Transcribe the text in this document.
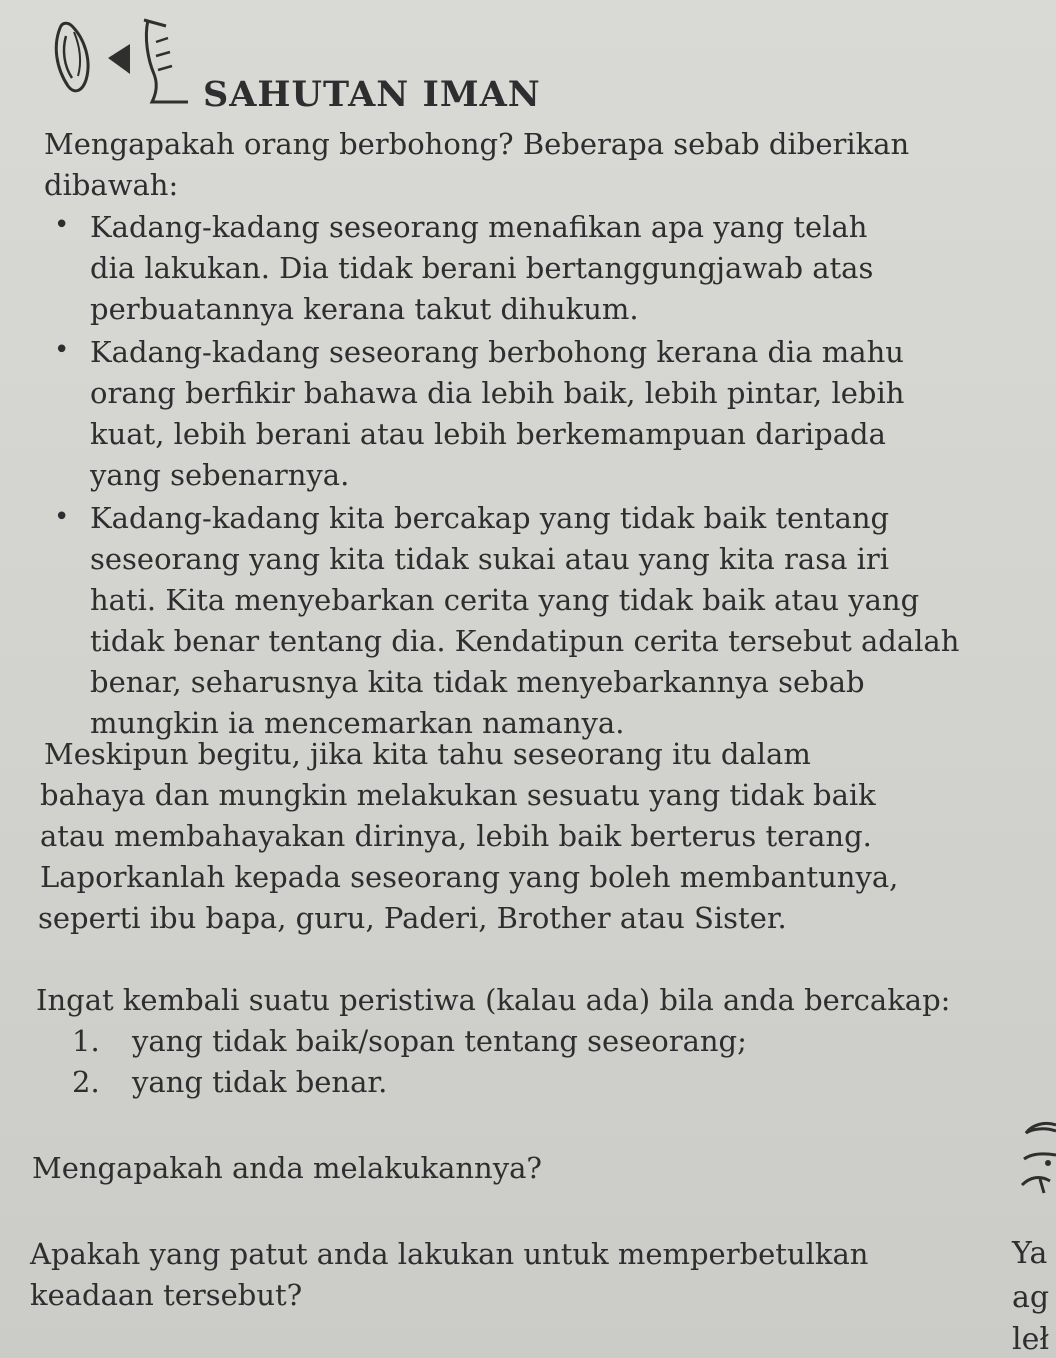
SAHUTAN IMAN
Mengapakah orang berbohong? Beberapa sebab diberikan
dibawah:
• Kadang-kadang seseorang menafikan apa yang telah
dia lakukan. Dia tidak berani bertanggungjawab atas
perbuatannya kerana takut dihukum.
• Kadang-kadang seseorang berbohong kerana dia mahu
orang berfikir bahawa dia lebih baik, lebih pintar, lebih
kuat, lebih berani atau lebih berkemampuan daripada
yang sebenarnya.
• Kadang-kadang kita bercakap yang tidak baik tentang
seseorang yang kita tidak sukai atau yang kita rasa iri
hati. Kita menyebarkan cerita yang tidak baik atau yang
tidak benar tentang dia. Kendatipun cerita tersebut adalah
benar, seharusnya kita tidak menyebarkannya sebab
mungkin ia mencemarkan namanya.
Meskipun begitu, jika kita tahu seseorang itu dalam
bahaya dan mungkin melakukan sesuatu yang tidak baik
atau membahayakan dirinya, lebih baik berterus terang.
Laporkanlah kepada seseorang yang boleh membantunya,
seperti ibu bapa, guru, Paderi, Brother atau Sister.
Ingat kembali suatu peristiwa (kalau ada) bila anda bercakap:
1. yang tidak baik/sopan tentang seseorang;
2. yang tidak benar.
Mengapakah anda melakukannya?
Apakah yang patut anda lakukan untuk memperbetulkan
keadaan tersebut?
Ya
ag
leł
